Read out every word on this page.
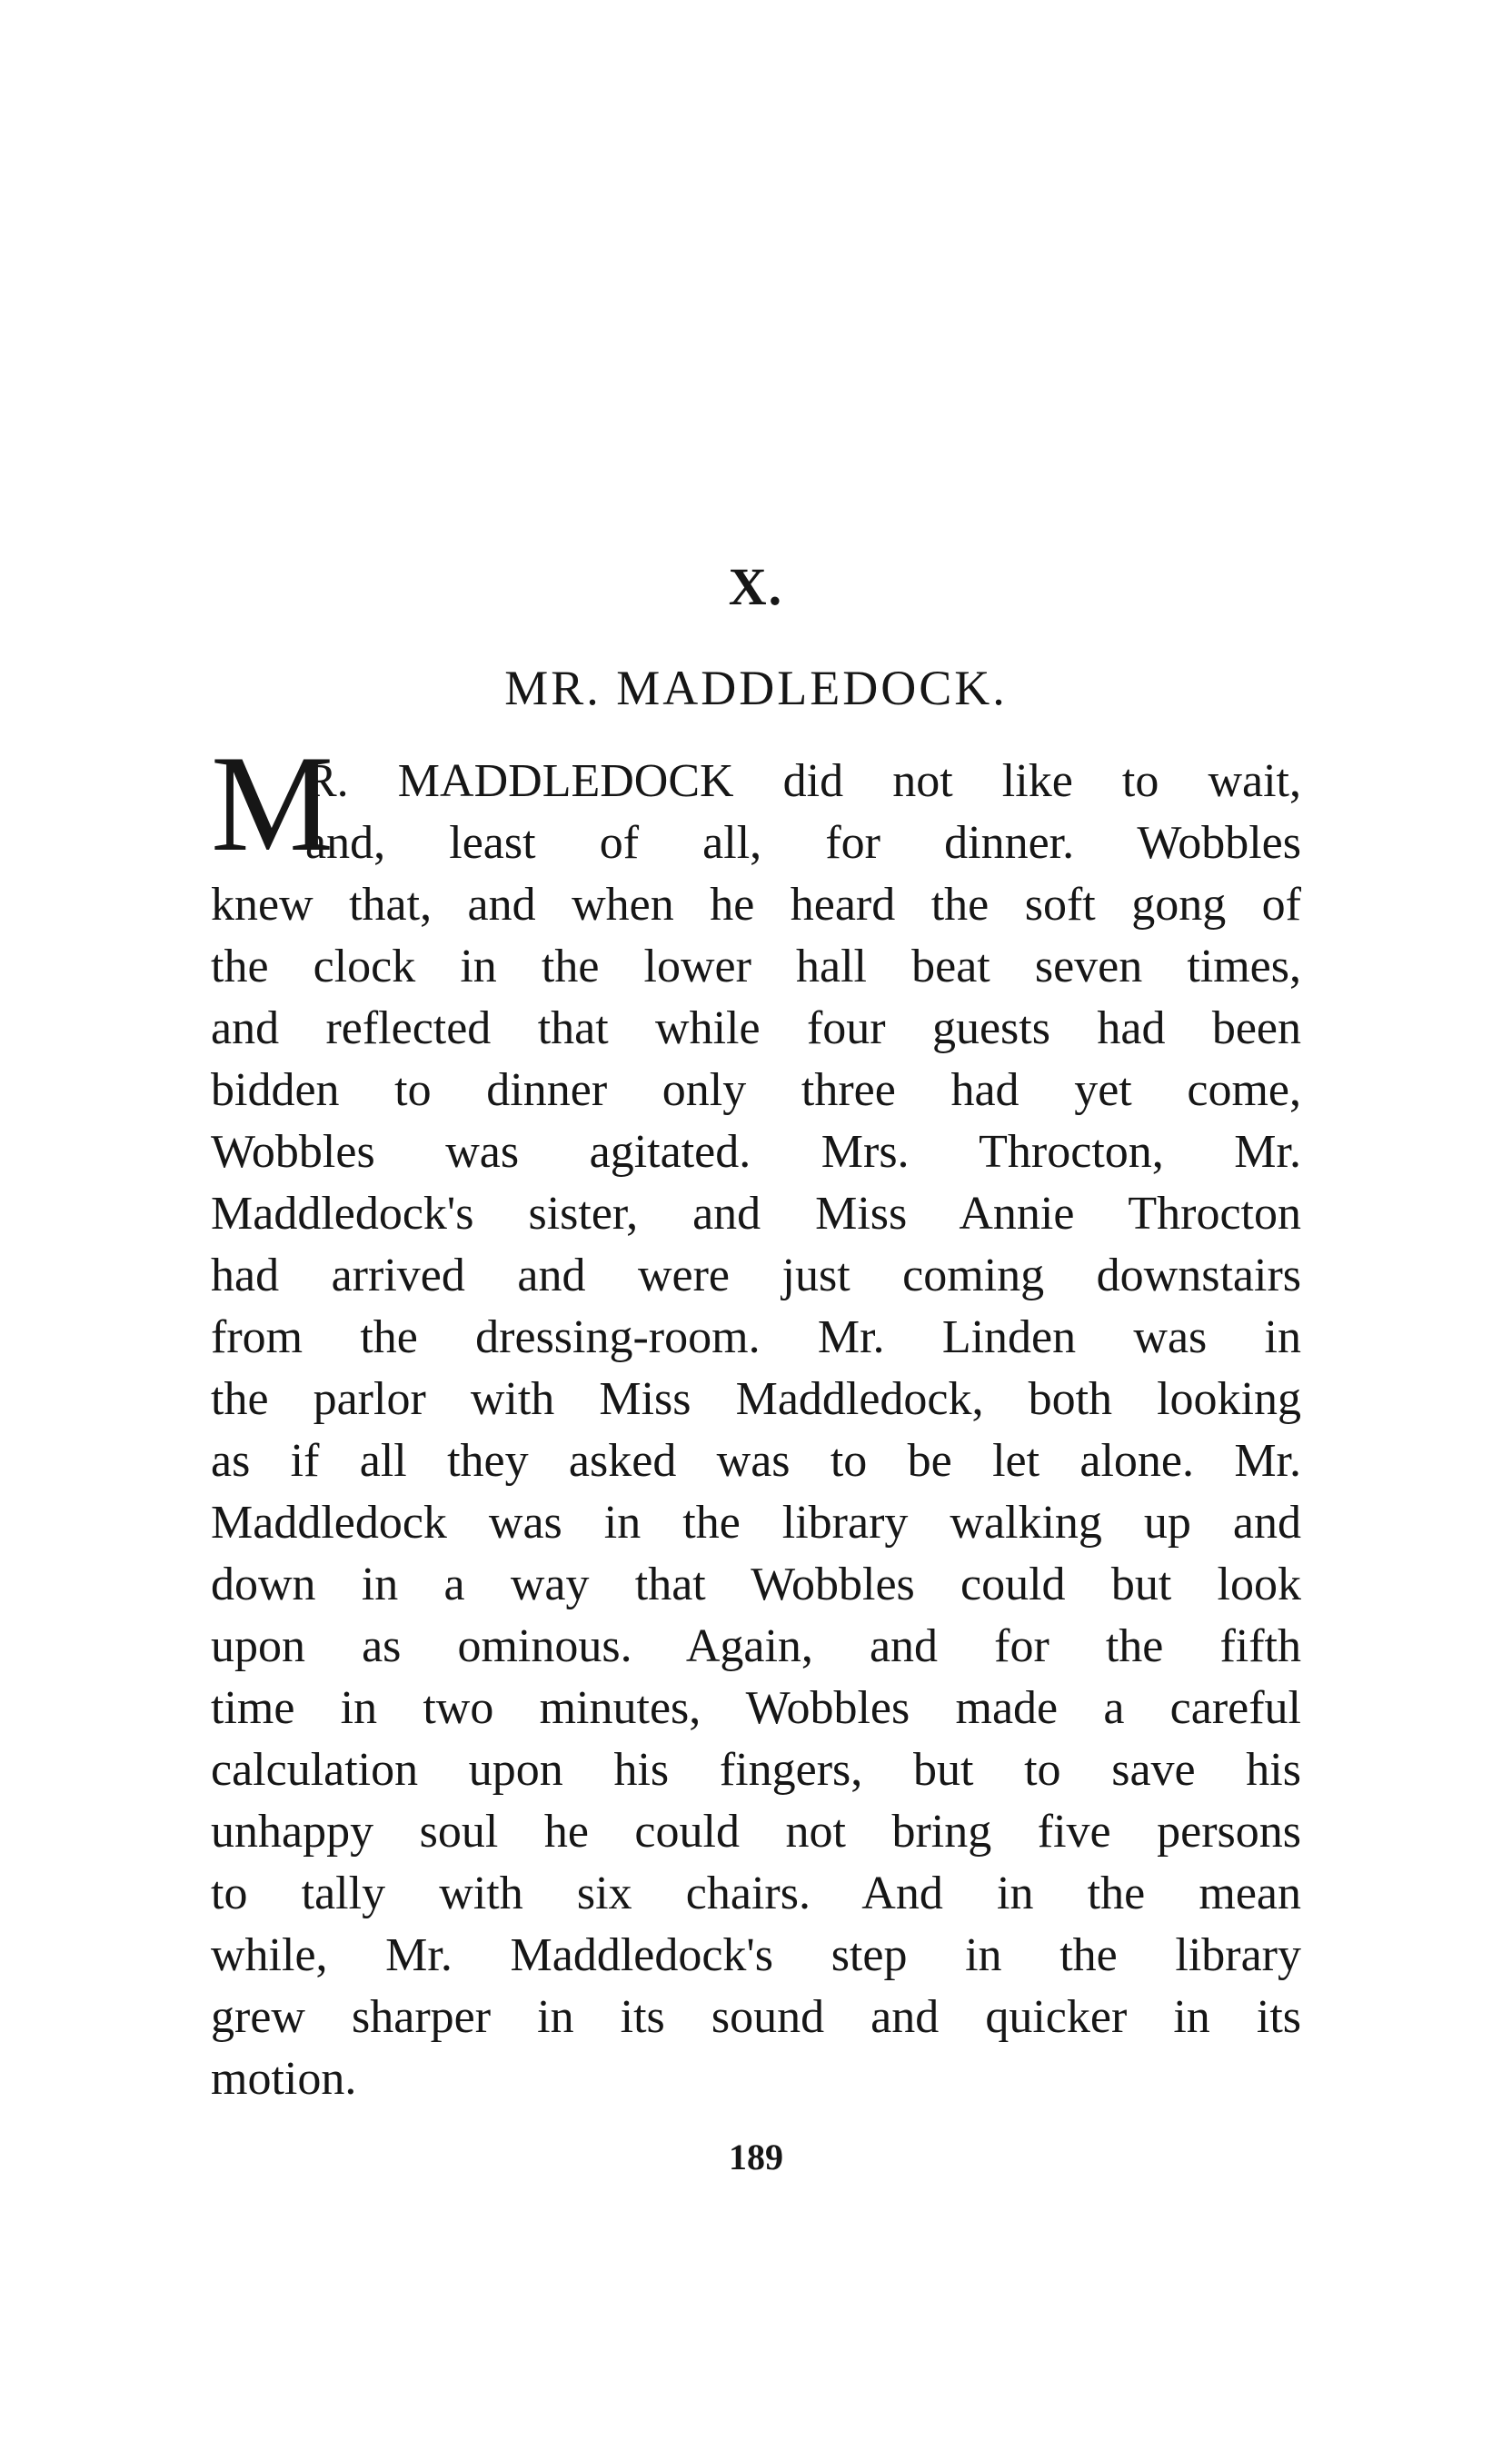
X.
MR. MADDLEDOCK.
M
R. MADDLEDOCK did not like to wait,
and, least of all, for dinner. Wobbles
knew that, and when he heard the soft gong of
the clock in the lower hall beat seven times,
and reflected that while four guests had been
bidden to dinner only three had yet come,
Wobbles was agitated. Mrs. Throcton, Mr.
Maddledock's sister, and Miss Annie Throcton
had arrived and were just coming downstairs
from the dressing-room. Mr. Linden was in
the parlor with Miss Maddledock, both looking
as if all they asked was to be let alone. Mr.
Maddledock was in the library walking up and
down in a way that Wobbles could but look
upon as ominous. Again, and for the fifth
time in two minutes, Wobbles made a careful
calculation upon his fingers, but to save his
unhappy soul he could not bring five persons
to tally with six chairs. And in the mean
while, Mr. Maddledock's step in the library
grew sharper in its sound and quicker in its
motion.
189
